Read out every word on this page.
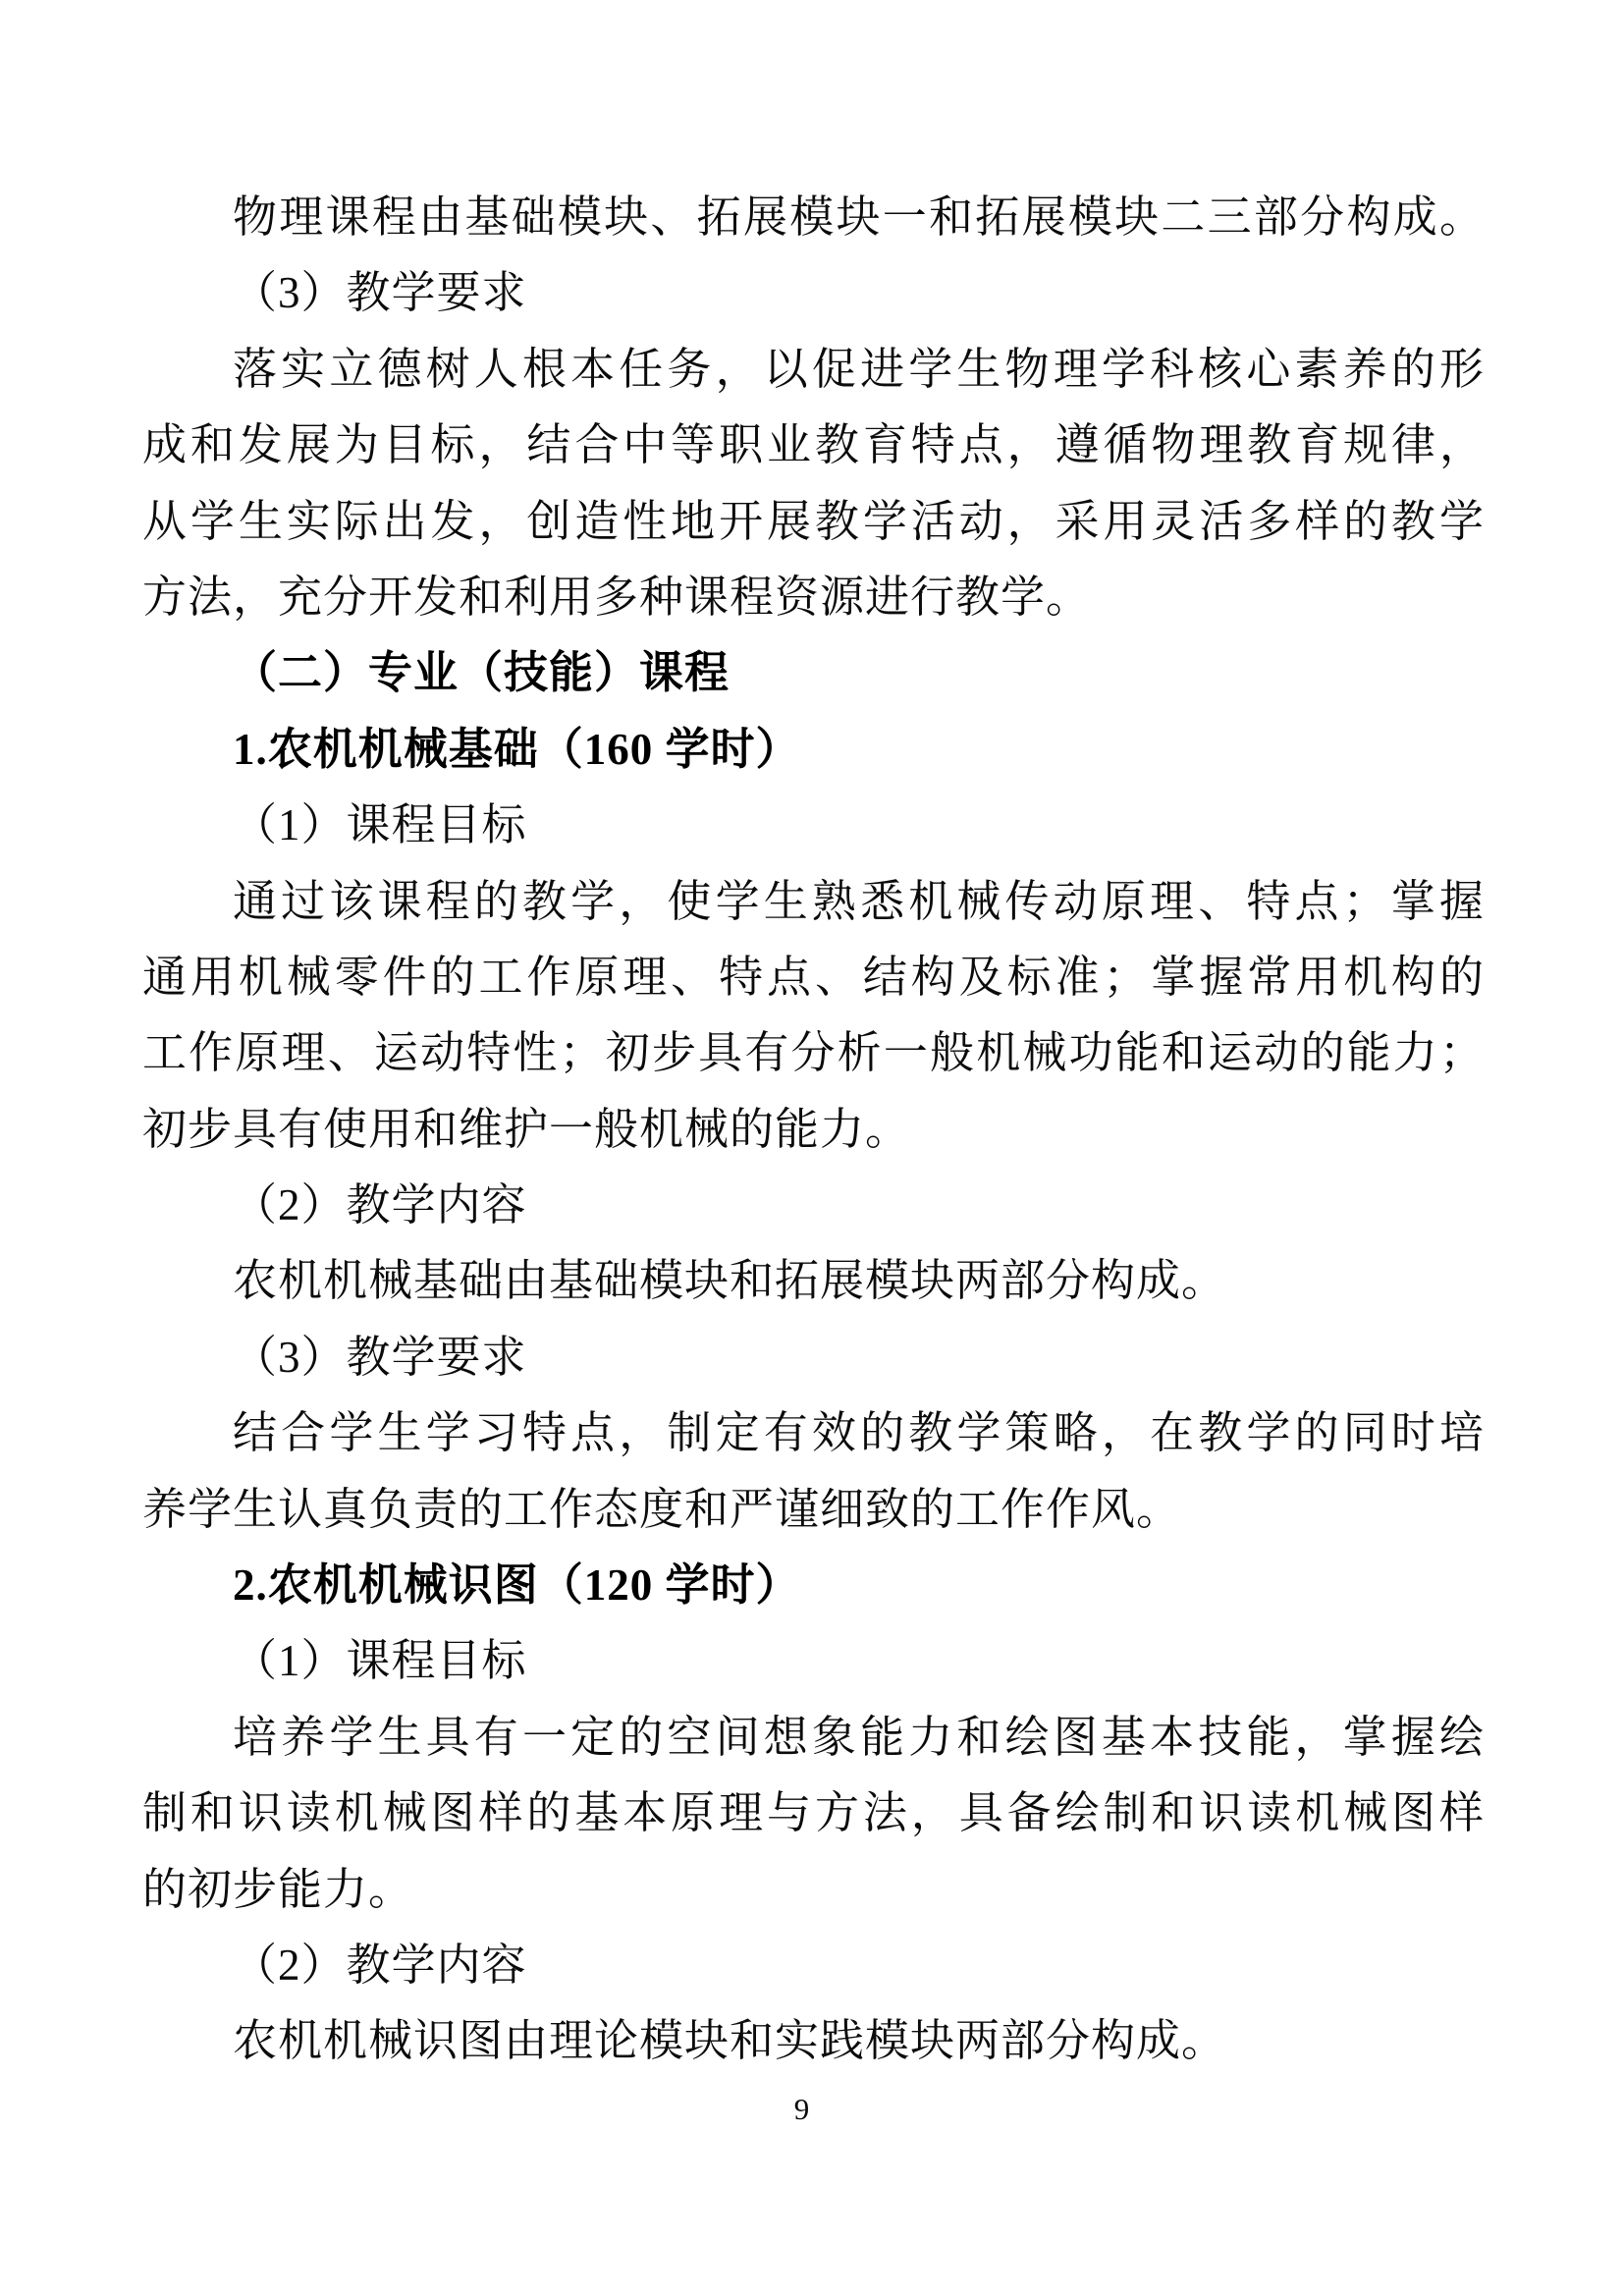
物理课程由基础模块、拓展模块一和拓展模块二三部分构成。
（3）教学要求
落实立德树人根本任务，以促进学生物理学科核心素养的形
成和发展为目标，结合中等职业教育特点，遵循物理教育规律，
从学生实际出发，创造性地开展教学活动，采用灵活多样的教学
方法，充分开发和利用多种课程资源进行教学。
（二）专业（技能）课程
1.农机机械基础（160 学时）
（1）课程目标
通过该课程的教学，使学生熟悉机械传动原理、特点；掌握
通用机械零件的工作原理、特点、结构及标准；掌握常用机构的
工作原理、运动特性；初步具有分析一般机械功能和运动的能力；
初步具有使用和维护一般机械的能力。
（2）教学内容
农机机械基础由基础模块和拓展模块两部分构成。
（3）教学要求
结合学生学习特点，制定有效的教学策略，在教学的同时培
养学生认真负责的工作态度和严谨细致的工作作风。
2.农机机械识图（120 学时）
（1）课程目标
培养学生具有一定的空间想象能力和绘图基本技能，掌握绘
制和识读机械图样的基本原理与方法，具备绘制和识读机械图样
的初步能力。
（2）教学内容
农机机械识图由理论模块和实践模块两部分构成。
9
